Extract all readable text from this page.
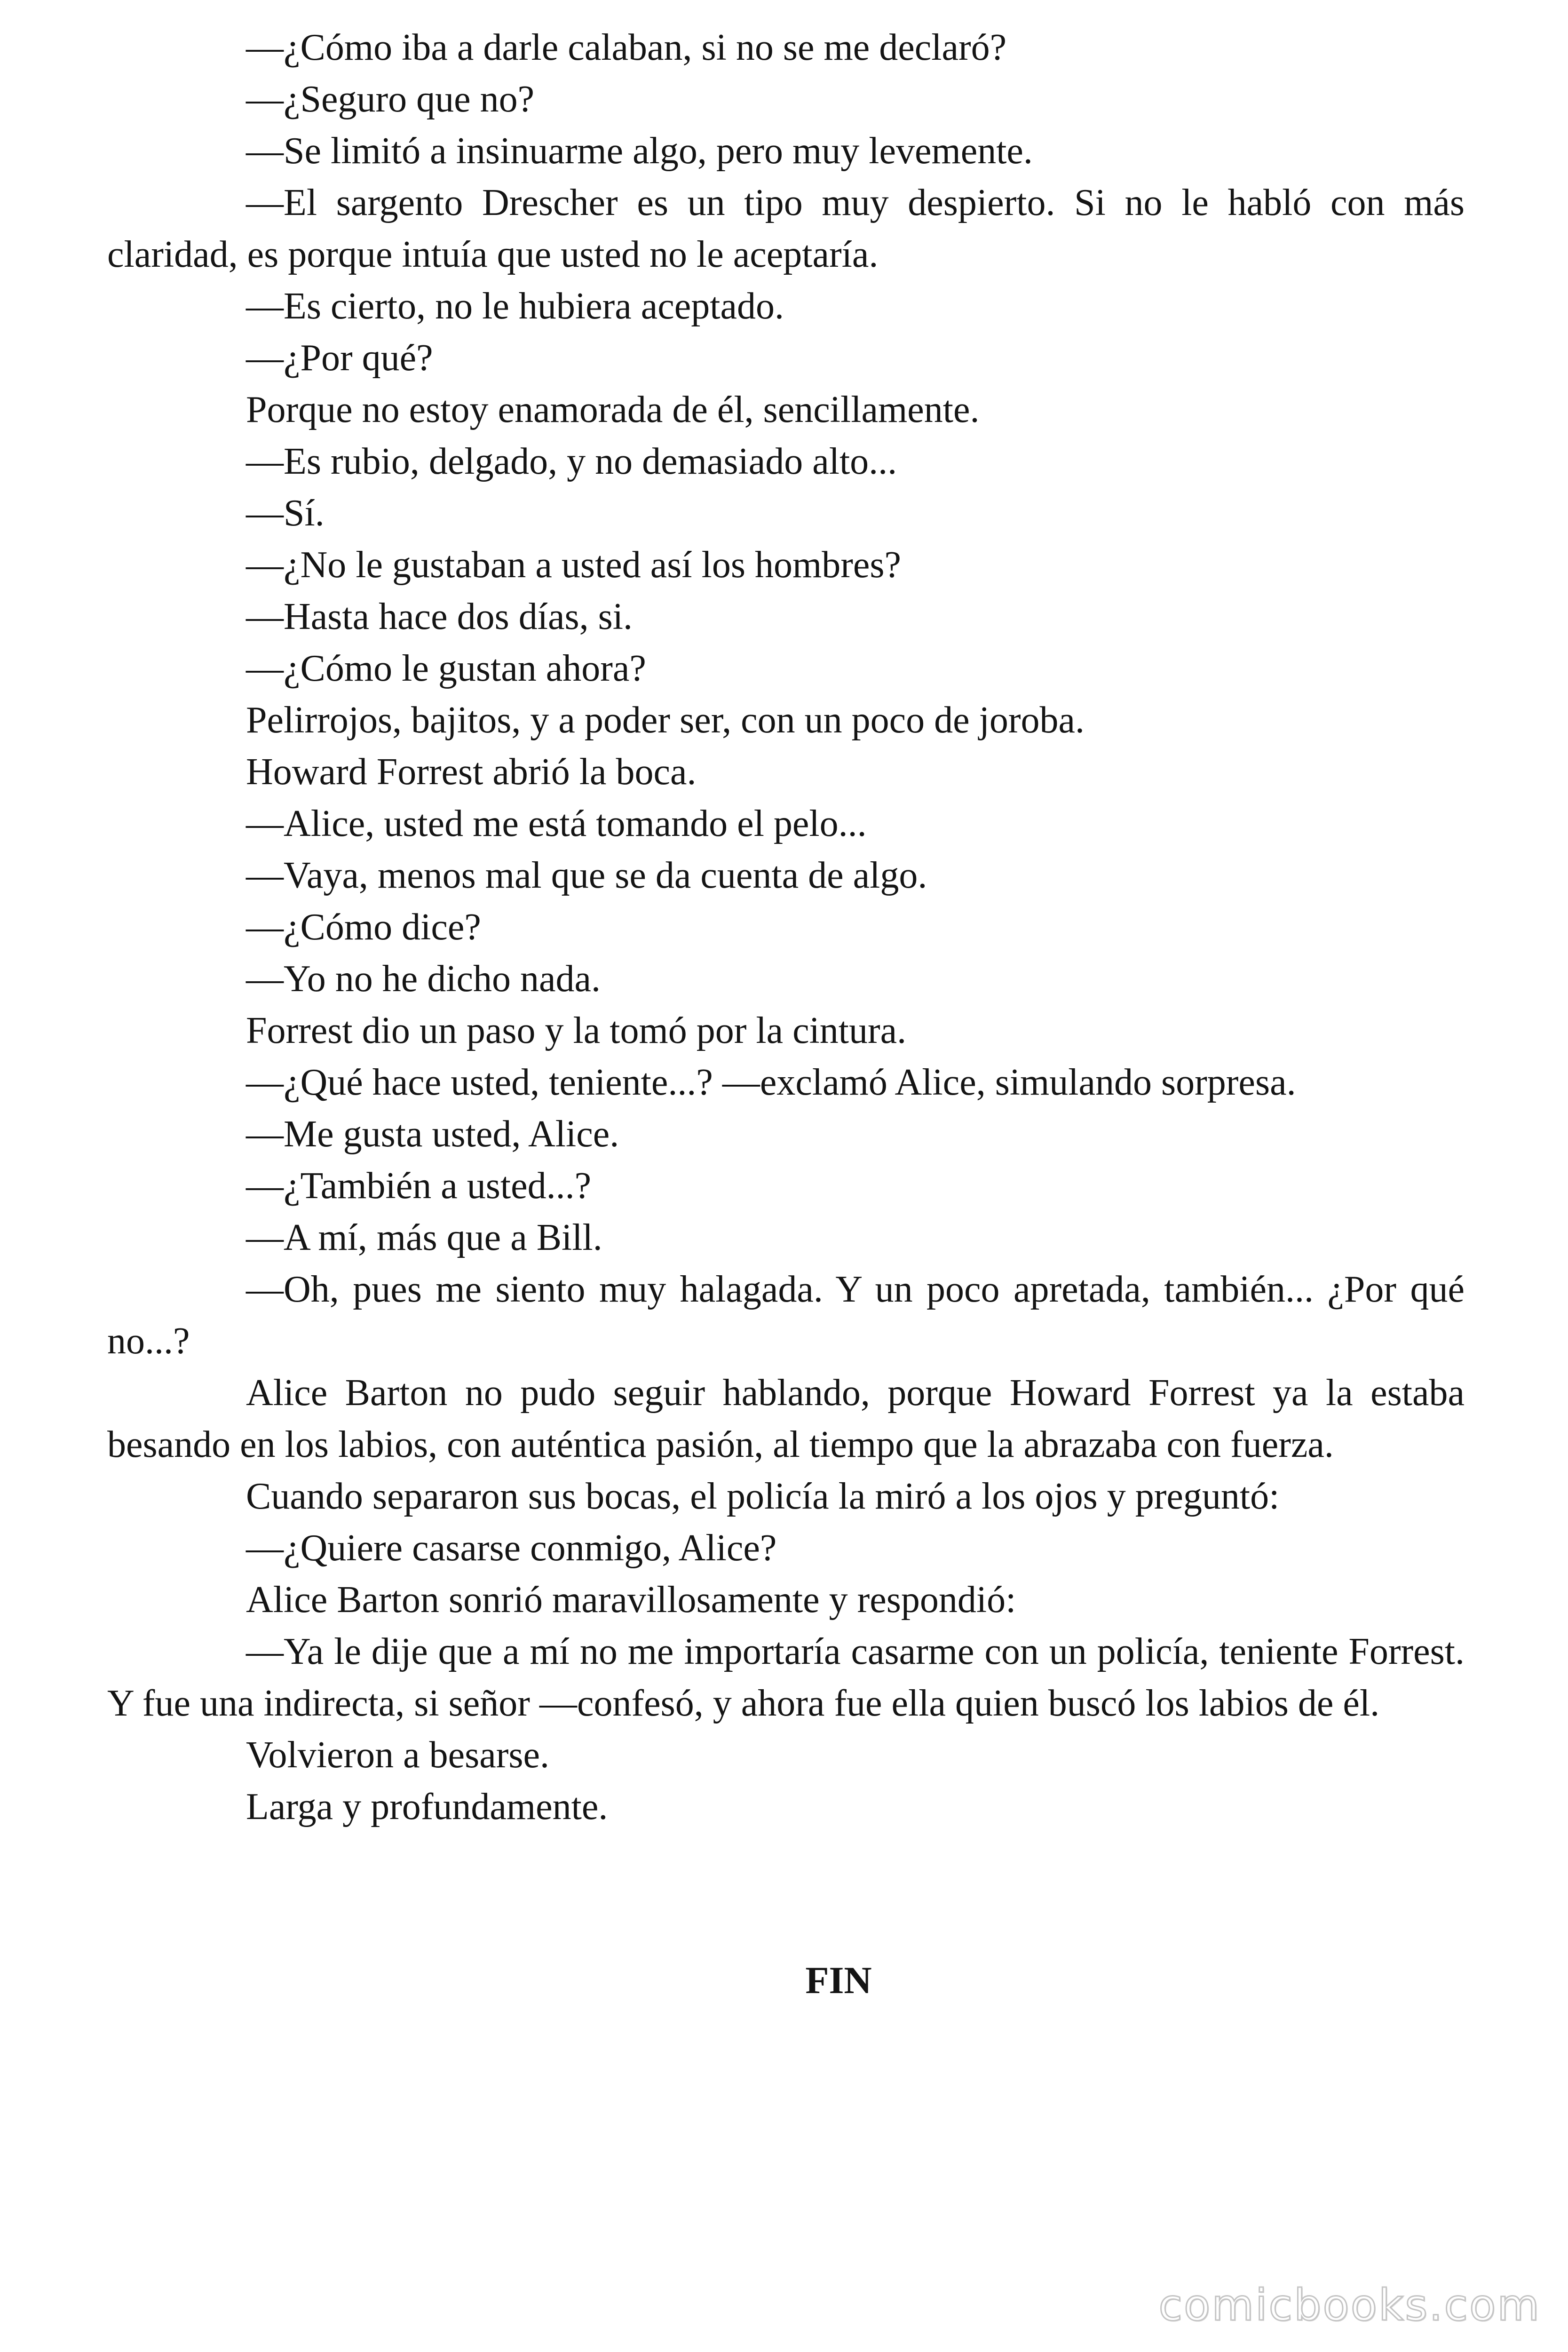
—¿Cómo iba a darle calaban, si no se me declaró?

—¿Seguro que no?

—Se limitó a insinuarme algo, pero muy levemente.

—El sargento Drescher es un tipo muy despierto. Si no le habló con más claridad, es porque intuía que usted no le aceptaría.

—Es cierto, no le hubiera aceptado.

—¿Por qué?

Porque no estoy enamorada de él, sencillamente.

—Es rubio, delgado, y no demasiado alto...

—Sí.

—¿No le gustaban a usted así los hombres?

—Hasta hace dos días, si.

—¿Cómo le gustan ahora?

Pelirrojos, bajitos, y a poder ser, con un poco de joroba.

Howard Forrest abrió la boca.

—Alice, usted me está tomando el pelo...

—Vaya, menos mal que se da cuenta de algo.

—¿Cómo dice?

—Yo no he dicho nada.

Forrest dio un paso y la tomó por la cintura.

—¿Qué hace usted, teniente...? —exclamó Alice, simulando sorpresa.

—Me gusta usted, Alice.

—¿También a usted...?

—A mí, más que a Bill.

—Oh, pues me siento muy halagada. Y un poco apretada, también... ¿Por qué no...?

Alice Barton no pudo seguir hablando, porque Howard Forrest ya la estaba besando en los labios, con auténtica pasión, al tiempo que la abrazaba con fuerza.

Cuando separaron sus bocas, el policía la miró a los ojos y preguntó:

—¿Quiere casarse conmigo, Alice?

Alice Barton sonrió maravillosamente y respondió:

—Ya le dije que a mí no me importaría casarme con un policía, teniente Forrest. Y fue una indirecta, si señor —confesó, y ahora fue ella quien buscó los labios de él.

Volvieron a besarse.

Larga y profundamente.

FIN

comicbooks.com
